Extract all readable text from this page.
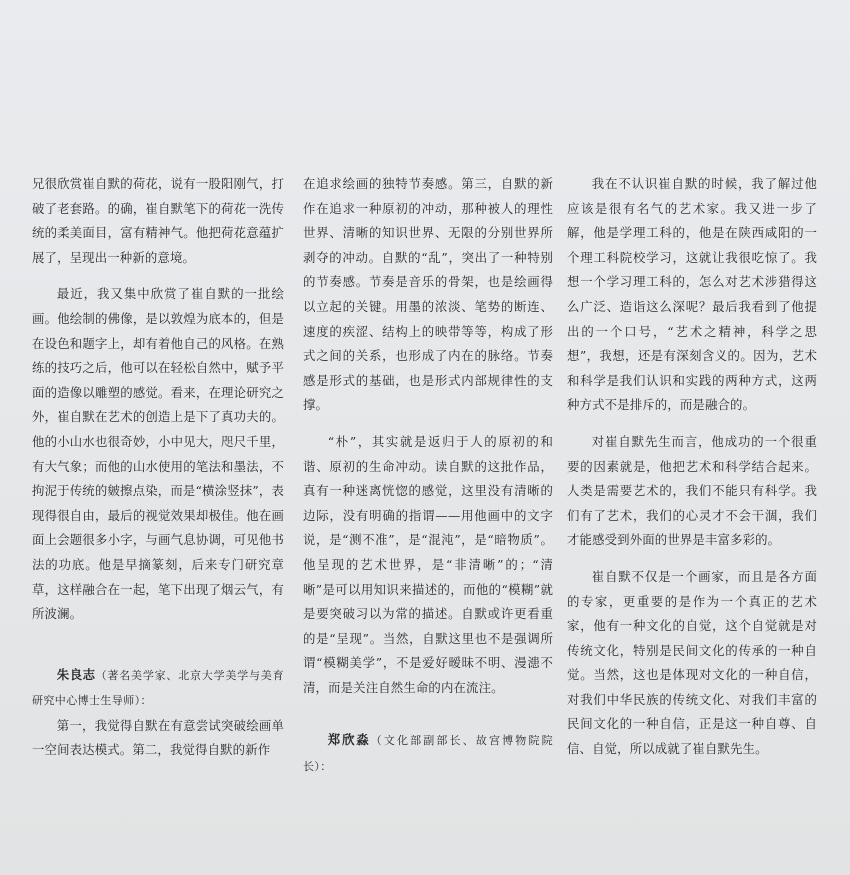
兄很欣赏崔自默的荷花，说有一股阳刚气，打破了老套路。的确，崔自默笔下的荷花一洗传统的柔美面目，富有精神气。他把荷花意蕴扩展了，呈现出一种新的意境。

最近，我又集中欣赏了崔自默的一批绘画。他绘制的佛像，是以敦煌为底本的，但是在设色和题字上，却有着他自己的风格。在熟练的技巧之后，他可以在轻松自然中，赋予平面的造像以雕塑的感觉。看来，在理论研究之外，崔自默在艺术的创造上是下了真功夫的。他的小山水也很奇妙，小中见大，咫尺千里，有大气象；而他的山水使用的笔法和墨法，不拘泥于传统的皴擦点染，而是“横涂竖抹”，表现得很自由，最后的视觉效果却极佳。他在画面上会题很多小字，与画气息协调，可见他书法的功底。他是早摘篆刻，后来专门研究章草，这样融合在一起，笔下出现了烟云气，有所波澜。

朱良志（著名美学家、北京大学美学与美育研究中心博士生导师）：

第一，我觉得自默在有意尝试突破绘画单一空间表达模式。第二，我觉得自默的新作

在追求绘画的独特节奏感。第三，自默的新作在追求一种原初的冲动，那种被人的理性世界、清晰的知识世界、无限的分别世界所剥夺的冲动。自默的“乱”，突出了一种特别的节奏感。节奏是音乐的骨架，也是绘画得以立起的关键。用墨的浓淡、笔势的断连、速度的疾涩、结构上的映带等等，构成了形式之间的关系，也形成了内在的脉络。节奏感是形式的基础，也是形式内部规律性的支撑。

“朴”，其实就是返归于人的原初的和谐、原初的生命冲动。读自默的这批作品，真有一种迷离恍惚的感觉，这里没有清晰的边际，没有明确的指谓——用他画中的文字说，是“测不准”，是“混沌”，是“暗物质”。他呈现的艺术世界，是“非清晰”的；“清晰”是可以用知识来描述的，而他的“模糊”就是要突破习以为常的描述。自默或许更看重的是“呈现”。当然，自默这里也不是强调所谓“模糊美学”，不是爱好暧昧不明、漫漶不清，而是关注自然生命的内在流注。

郑欣淼（文化部副部长、故宫博物院院长）：

我在不认识崔自默的时候，我了解过他应该是很有名气的艺术家。我又进一步了解，他是学理工科的，他是在陕西咸阳的一个理工科院校学习，这就让我很吃惊了。我想一个学习理工科的，怎么对艺术涉猎得这么广泛、造诣这么深呢？最后我看到了他提出的一个口号，“艺术之精神，科学之思想”，我想，还是有深刻含义的。因为，艺术和科学是我们认识和实践的两种方式，这两种方式不是排斥的，而是融合的。

对崔自默先生而言，他成功的一个很重要的因素就是，他把艺术和科学结合起来。人类是需要艺术的，我们不能只有科学。我们有了艺术，我们的心灵才不会干涸，我们才能感受到外面的世界是丰富多彩的。

崔自默不仅是一个画家，而且是各方面的专家，更重要的是作为一个真正的艺术家，他有一种文化的自觉，这个自觉就是对传统文化，特别是民间文化的传承的一种自觉。当然，这也是体现对文化的一种自信，对我们中华民族的传统文化、对我们丰富的民间文化的一种自信，正是这一种自尊、自信、自觉，所以成就了崔自默先生。
